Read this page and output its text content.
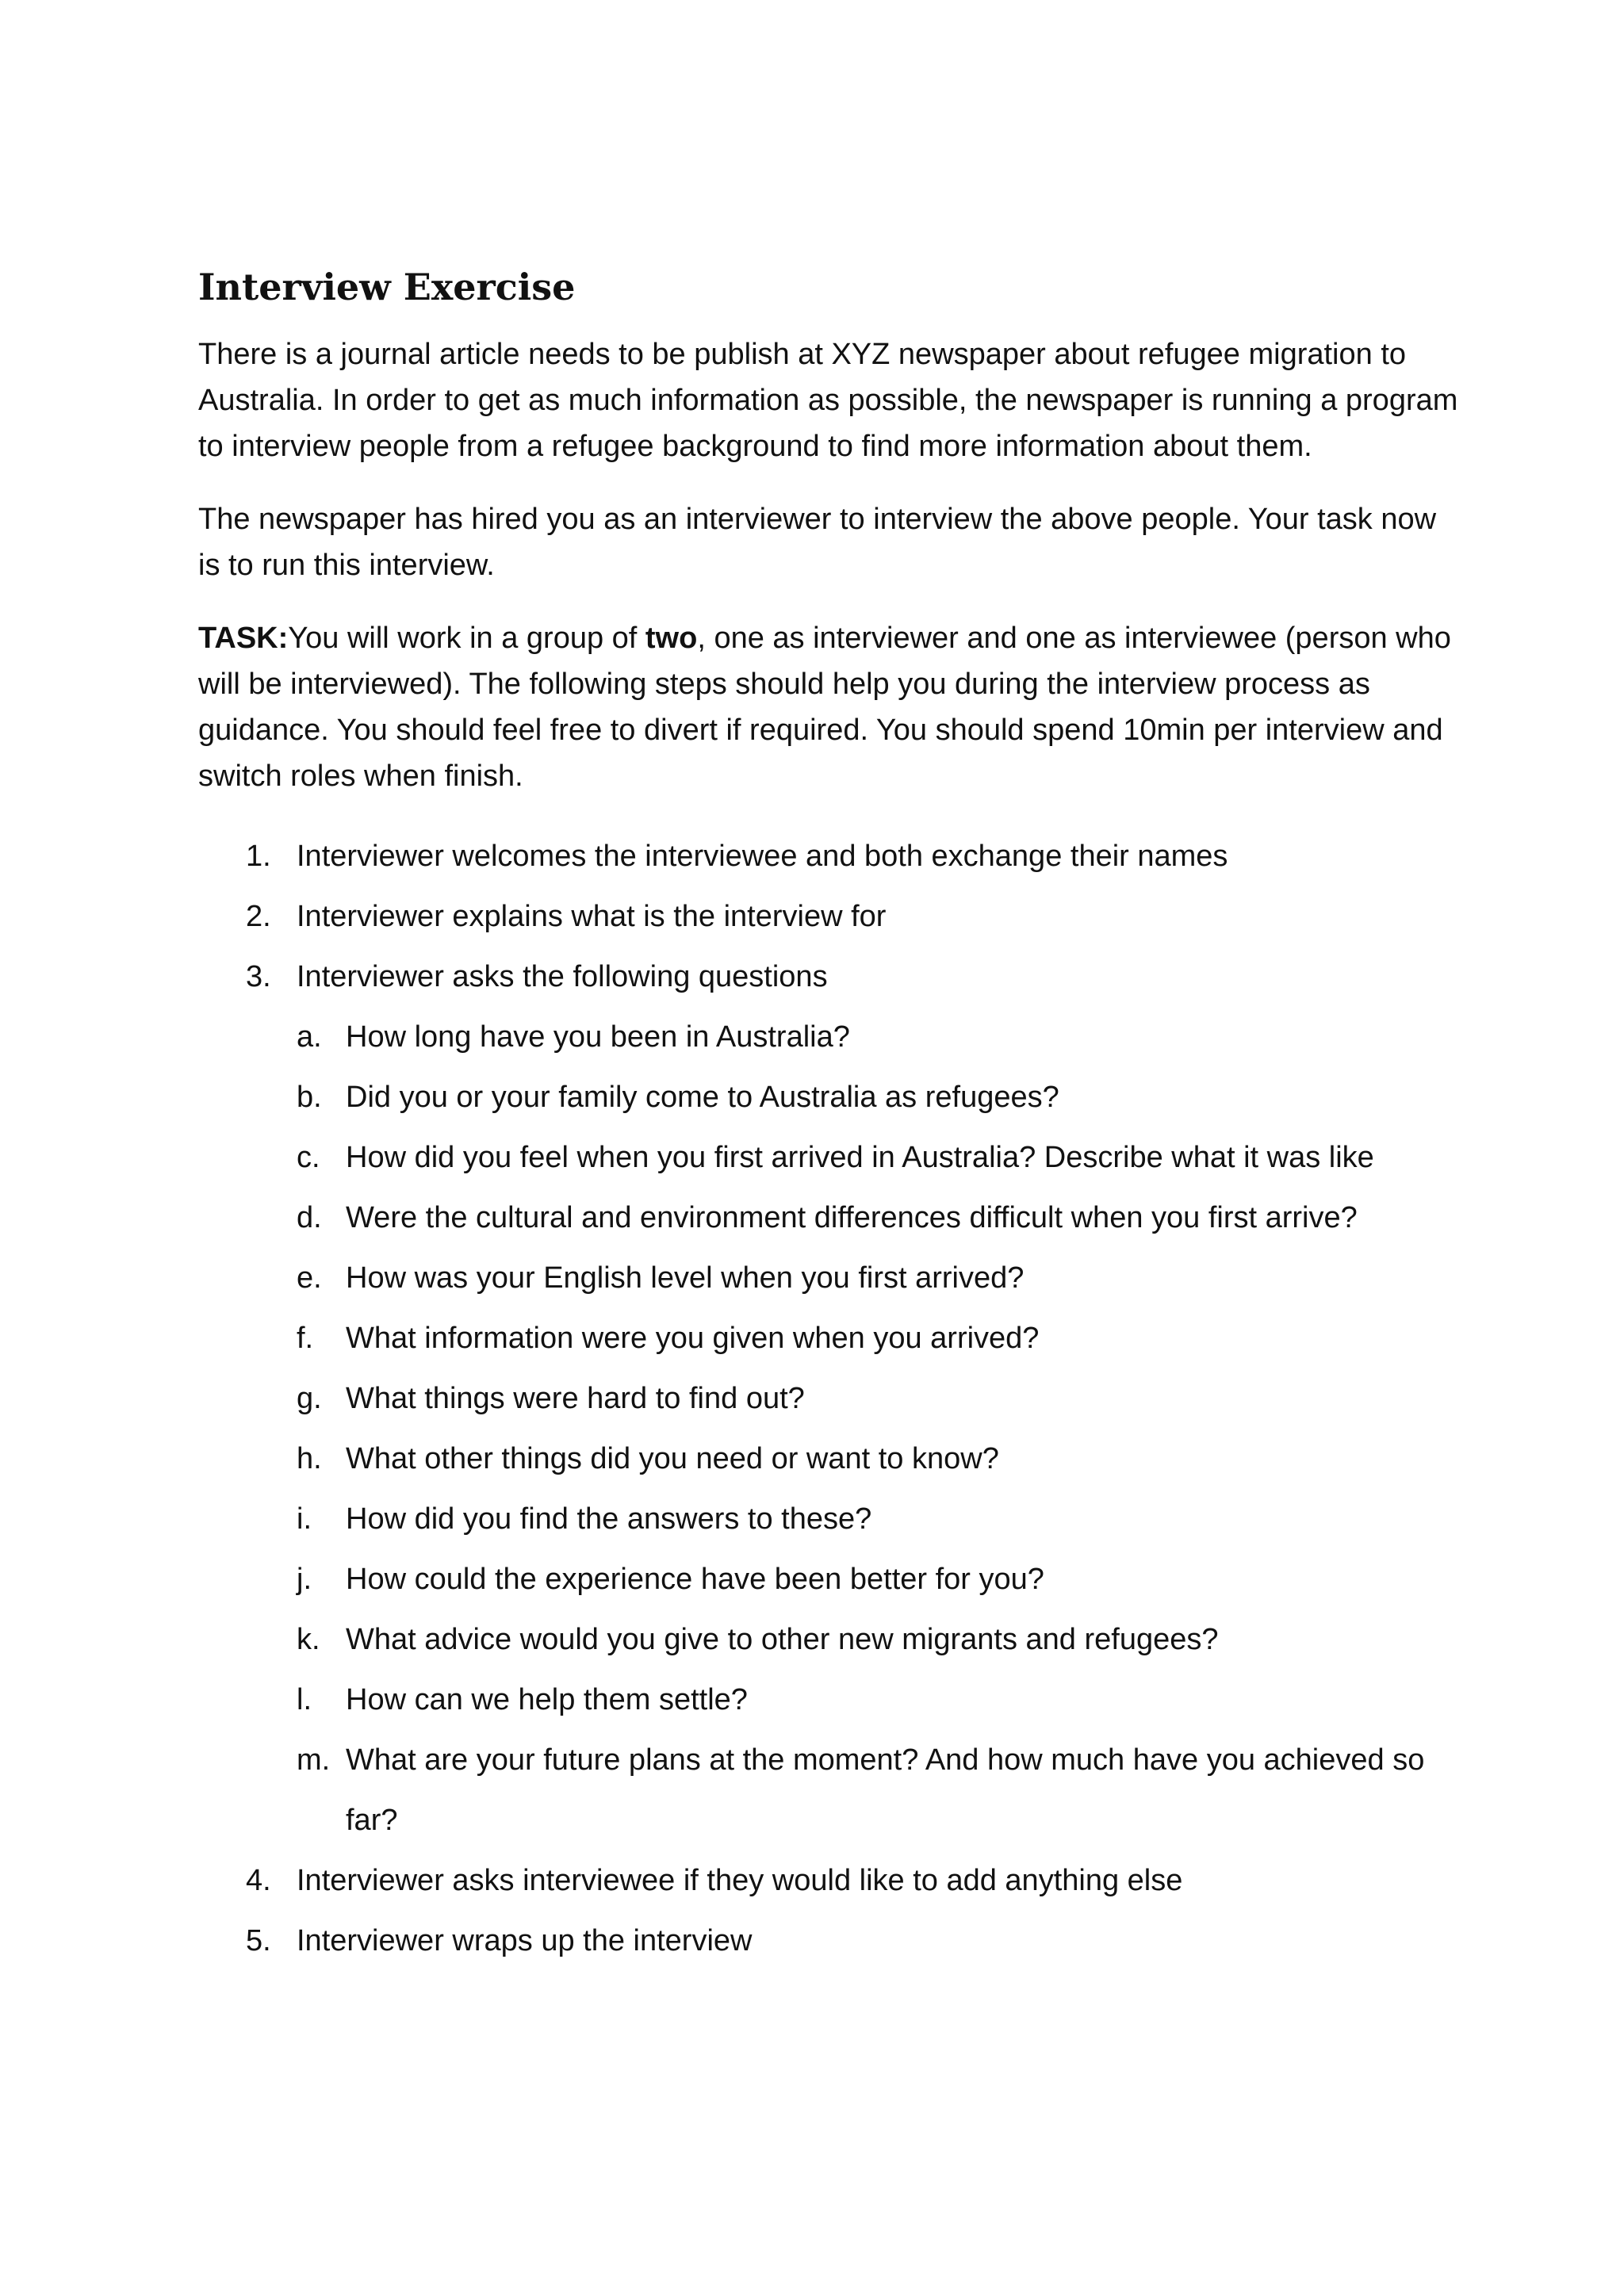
Interview Exercise

There is a journal article needs to be publish at XYZ newspaper about refugee migration to Australia. In order to get as much information as possible, the newspaper is running a program to interview people from a refugee background to find more information about them.

The newspaper has hired you as an interviewer to interview the above people. Your task now is to run this interview.

TASK:You will work in a group of two, one as interviewer and one as interviewee (person who will be interviewed). The following steps should help you during the interview process as guidance. You should feel free to divert if required. You should spend 10min per interview and switch roles when finish.

1. Interviewer welcomes the interviewee and both exchange their names
2. Interviewer explains what is the interview for
3. Interviewer asks the following questions
a. How long have you been in Australia?
b. Did you or your family come to Australia as refugees?
c. How did you feel when you first arrived in Australia? Describe what it was like
d. Were the cultural and environment differences difficult when you first arrive?
e. How was your English level when you first arrived?
f. What information were you given when you arrived?
g. What things were hard to find out?
h. What other things did you need or want to know?
i. How did you find the answers to these?
j. How could the experience have been better for you?
k. What advice would you give to other new migrants and refugees?
l. How can we help them settle?
m. What are your future plans at the moment? And how much have you achieved so far?
4. Interviewer asks interviewee if they would like to add anything else
5. Interviewer wraps up the interview
